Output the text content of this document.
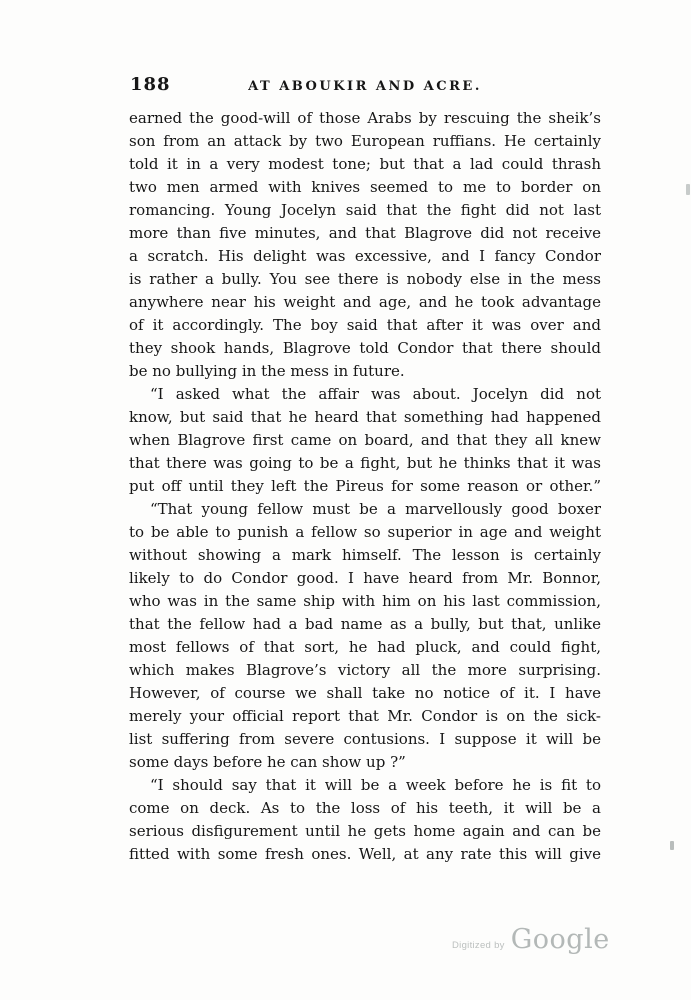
188	AT ABOUKIR AND ACRE.
earned the good-will of those Arabs by rescuing the sheik’s
son from an attack by two European ruffians. He certainly
told it in a very modest tone; but that a lad could thrash
two men armed with knives seemed to me to border on
romancing. Young Jocelyn said that the fight did not last
more than five minutes, and that Blagrove did not receive
a scratch. His delight was excessive, and I fancy Condor
is rather a bully. You see there is nobody else in the mess
anywhere near his weight and age, and he took advantage
of it accordingly. The boy said that after it was over and
they shook hands, Blagrove told Condor that there should
be no bullying in the mess in future.
“I asked what the affair was about. Jocelyn did not
know, but said that he heard that something had happened
when Blagrove first came on board, and that they all knew
that there was going to be a fight, but he thinks that it was
put off until they left the Pireus for some reason or other.”
“That young fellow must be a marvellously good boxer
to be able to punish a fellow so superior in age and weight
without showing a mark himself. The lesson is certainly
likely to do Condor good. I have heard from Mr. Bonnor,
who was in the same ship with him on his last commission,
that the fellow had a bad name as a bully, but that, unlike
most fellows of that sort, he had pluck, and could fight,
which makes Blagrove’s victory all the more surprising.
However, of course we shall take no notice of it. I have
merely your official report that Mr. Condor is on the sick-
list suffering from severe contusions. I suppose it will be
some days before he can show up ?”
“I should say that it will be a week before he is fit to
come on deck. As to the loss of his teeth, it will be a
serious disfigurement until he gets home again and can be
fitted with some fresh ones. Well, at any rate this will give
Digitized by Google
